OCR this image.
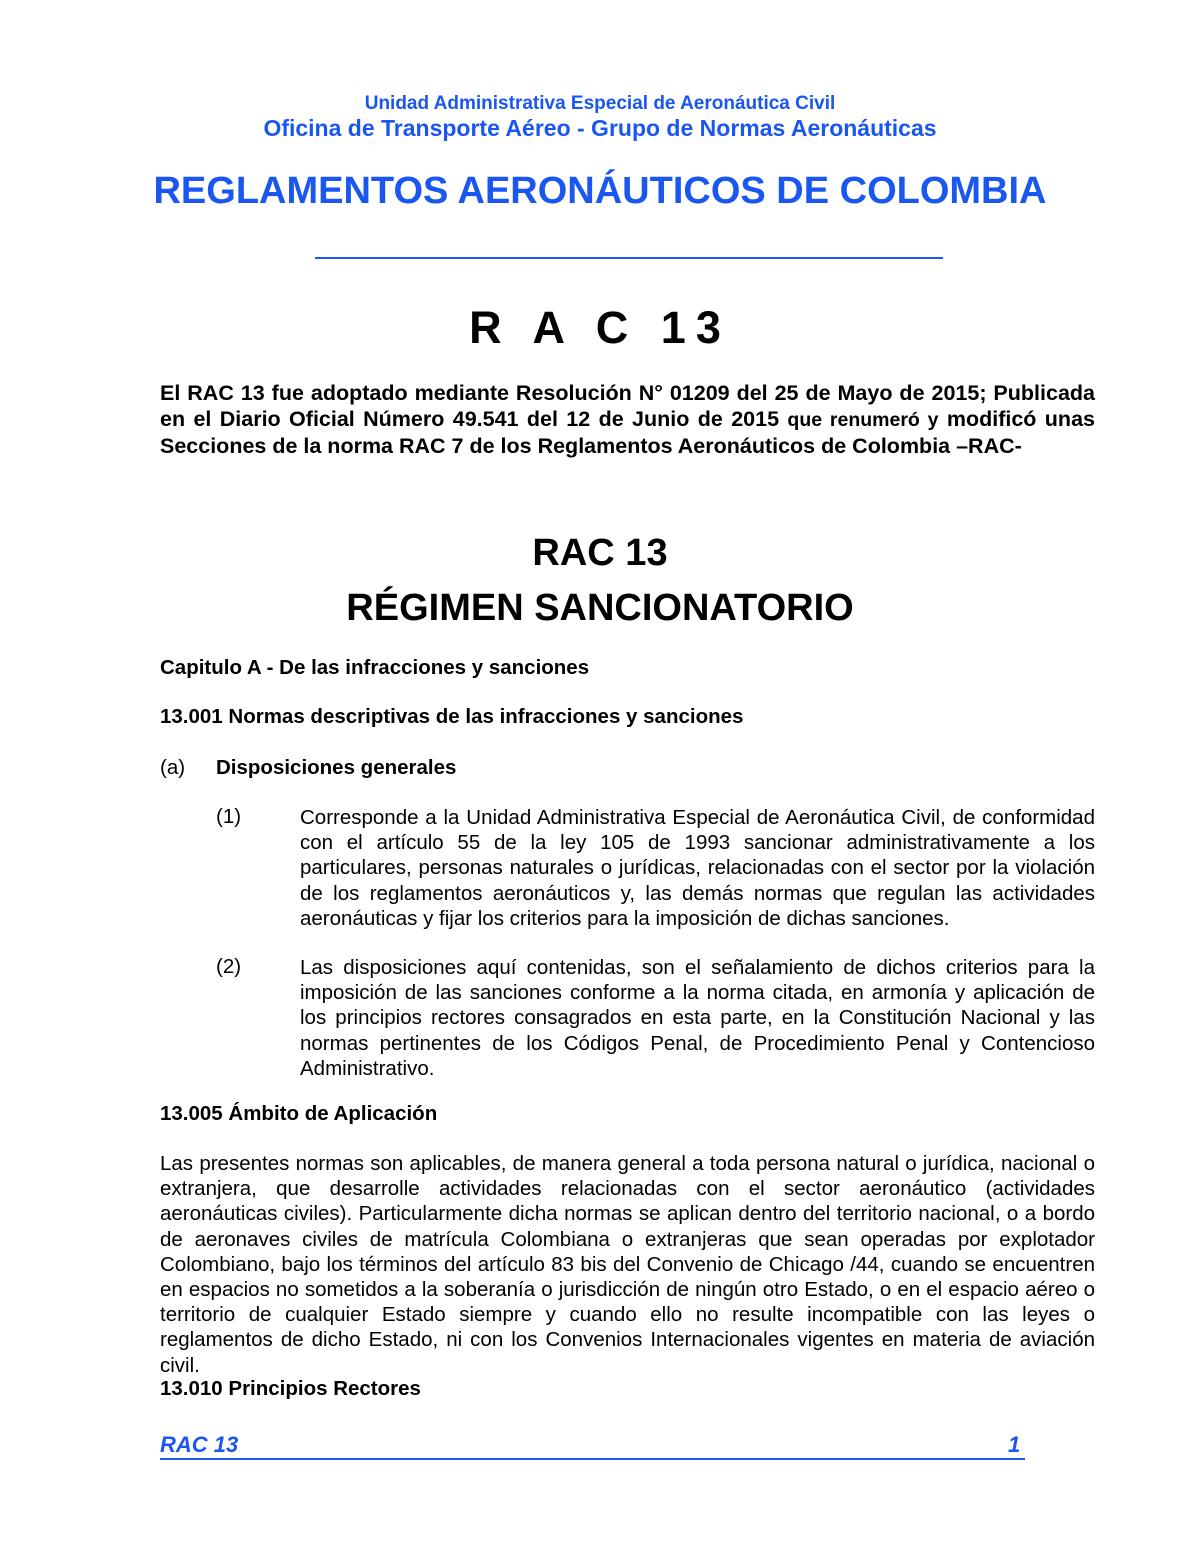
Unidad Administrativa Especial de Aeronáutica Civil
Oficina de Transporte Aéreo - Grupo de Normas Aeronáuticas
REGLAMENTOS AERONÁUTICOS DE COLOMBIA
R A C 13
El RAC 13 fue adoptado mediante Resolución N° 01209 del 25 de Mayo de 2015; Publicada en el Diario Oficial Número 49.541 del 12 de Junio de 2015 que renumeró y modificó unas Secciones de la norma RAC 7 de los Reglamentos Aeronáuticos de Colombia –RAC-
RAC 13
RÉGIMEN SANCIONATORIO
Capitulo A - De las infracciones y sanciones
13.001 Normas descriptivas de las infracciones y sanciones
(a) Disposiciones generales
(1)	Corresponde a la Unidad Administrativa Especial de Aeronáutica Civil, de conformidad con el artículo 55 de la ley 105 de 1993 sancionar administrativamente a los particulares, personas naturales o jurídicas, relacionadas con el sector por la violación de los reglamentos aeronáuticos y, las demás normas que regulan las actividades aeronáuticas y fijar los criterios para la imposición de dichas sanciones.
(2)	Las disposiciones aquí contenidas, son el señalamiento de dichos criterios para la imposición de las sanciones conforme a la norma citada, en armonía y aplicación de los principios rectores consagrados en esta parte, en la Constitución Nacional y las normas pertinentes de los Códigos Penal, de Procedimiento Penal y Contencioso Administrativo.
13.005 Ámbito de Aplicación
Las presentes normas son aplicables, de manera general a toda persona natural o jurídica, nacional o extranjera, que desarrolle actividades relacionadas con el sector aeronáutico (actividades aeronáuticas civiles). Particularmente dicha normas se aplican dentro del territorio nacional, o a bordo de aeronaves civiles de matrícula Colombiana o extranjeras que sean operadas por explotador Colombiano, bajo los términos del artículo 83 bis del Convenio de Chicago /44, cuando se encuentren en espacios no sometidos a la soberanía o jurisdicción de ningún otro Estado, o en el espacio aéreo o territorio de cualquier Estado siempre y cuando ello no resulte incompatible con las leyes o reglamentos de dicho Estado, ni con los Convenios Internacionales vigentes en materia de aviación civil.
13.010 Principios Rectores
RAC 13	1
